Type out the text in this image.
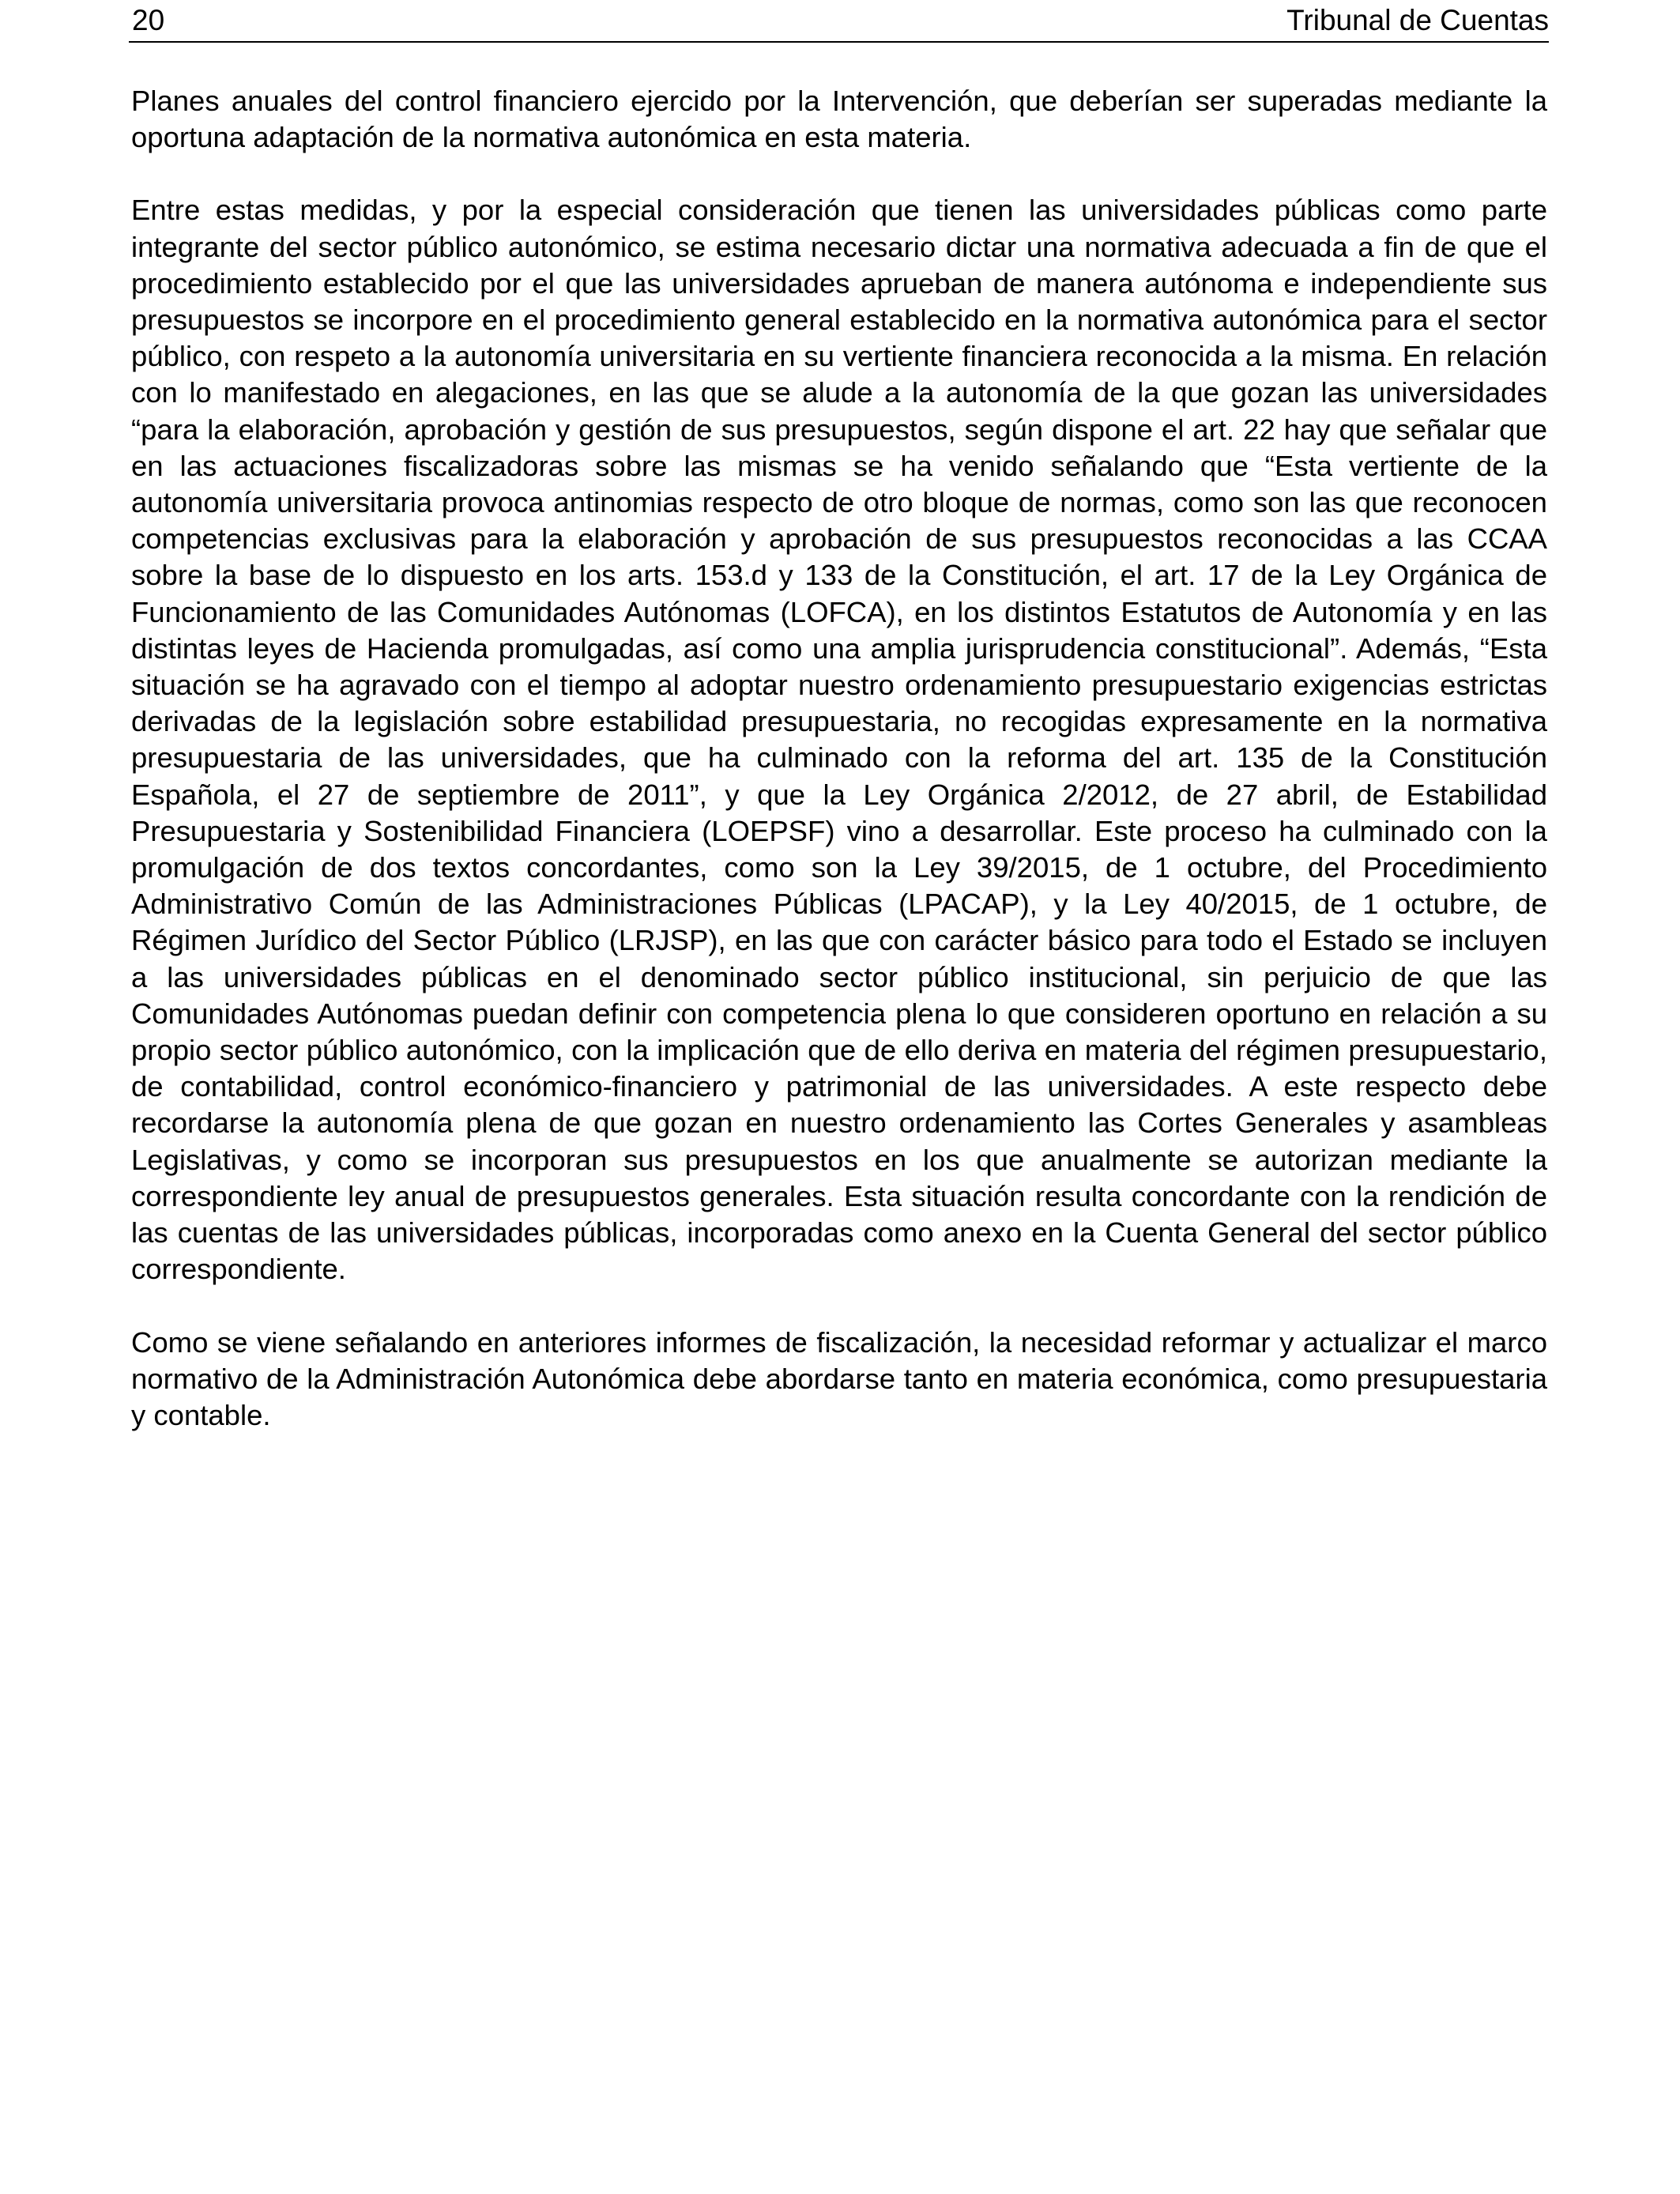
20	Tribunal de Cuentas

Planes anuales del control financiero ejercido por la Intervención, que deberían ser superadas mediante la oportuna adaptación de la normativa autonómica en esta materia.

Entre estas medidas, y por la especial consideración que tienen las universidades públicas como parte integrante del sector público autonómico, se estima necesario dictar una normativa adecuada a fin de que el procedimiento establecido por el que las universidades aprueban de manera autónoma e independiente sus presupuestos se incorpore en el procedimiento general establecido en la normativa autonómica para el sector público, con respeto a la autonomía universitaria en su vertiente financiera reconocida a la misma. En relación con lo manifestado en alegaciones, en las que se alude a la autonomía de la que gozan las universidades “para la elaboración, aprobación y gestión de sus presupuestos, según dispone el art. 22 hay que señalar que en las actuaciones fiscalizadoras sobre las mismas se ha venido señalando que “Esta vertiente de la autonomía universitaria provoca antinomias respecto de otro bloque de normas, como son las que reconocen competencias exclusivas para la elaboración y aprobación de sus presupuestos reconocidas a las CCAA sobre la base de lo dispuesto en los arts. 153.d y 133 de la Constitución, el art. 17 de la Ley Orgánica de Funcionamiento de las Comunidades Autónomas (LOFCA), en los distintos Estatutos de Autonomía y en las distintas leyes de Hacienda promulgadas, así como una amplia jurisprudencia constitucional”. Además, “Esta situación se ha agravado con el tiempo al adoptar nuestro ordenamiento presupuestario exigencias estrictas derivadas de la legislación sobre estabilidad presupuestaria, no recogidas expresamente en la normativa presupuestaria de las universidades, que ha culminado con la reforma del art. 135 de la Constitución Española, el 27 de septiembre de 2011”, y que la Ley Orgánica 2/2012, de 27 abril, de Estabilidad Presupuestaria y Sostenibilidad Financiera (LOEPSF) vino a desarrollar. Este proceso ha culminado con la promulgación de dos textos concordantes, como son la Ley 39/2015, de 1 octubre, del Procedimiento Administrativo Común de las Administraciones Públicas (LPACAP), y la Ley 40/2015, de 1 octubre, de Régimen Jurídico del Sector Público (LRJSP), en las que con carácter básico para todo el Estado se incluyen a las universidades públicas en el denominado sector público institucional, sin perjuicio de que las Comunidades Autónomas puedan definir con competencia plena lo que consideren oportuno en relación a su propio sector público autonómico, con la implicación que de ello deriva en materia del régimen presupuestario, de contabilidad, control económico-financiero y patrimonial de las universidades. A este respecto debe recordarse la autonomía plena de que gozan en nuestro ordenamiento las Cortes Generales y asambleas Legislativas, y como se incorporan sus presupuestos en los que anualmente se autorizan mediante la correspondiente ley anual de presupuestos generales. Esta situación resulta concordante con la rendición de las cuentas de las universidades públicas, incorporadas como anexo en la Cuenta General del sector público correspondiente.

Como se viene señalando en anteriores informes de fiscalización, la necesidad reformar y actualizar el marco normativo de la Administración Autonómica debe abordarse tanto en materia económica, como presupuestaria y contable.
